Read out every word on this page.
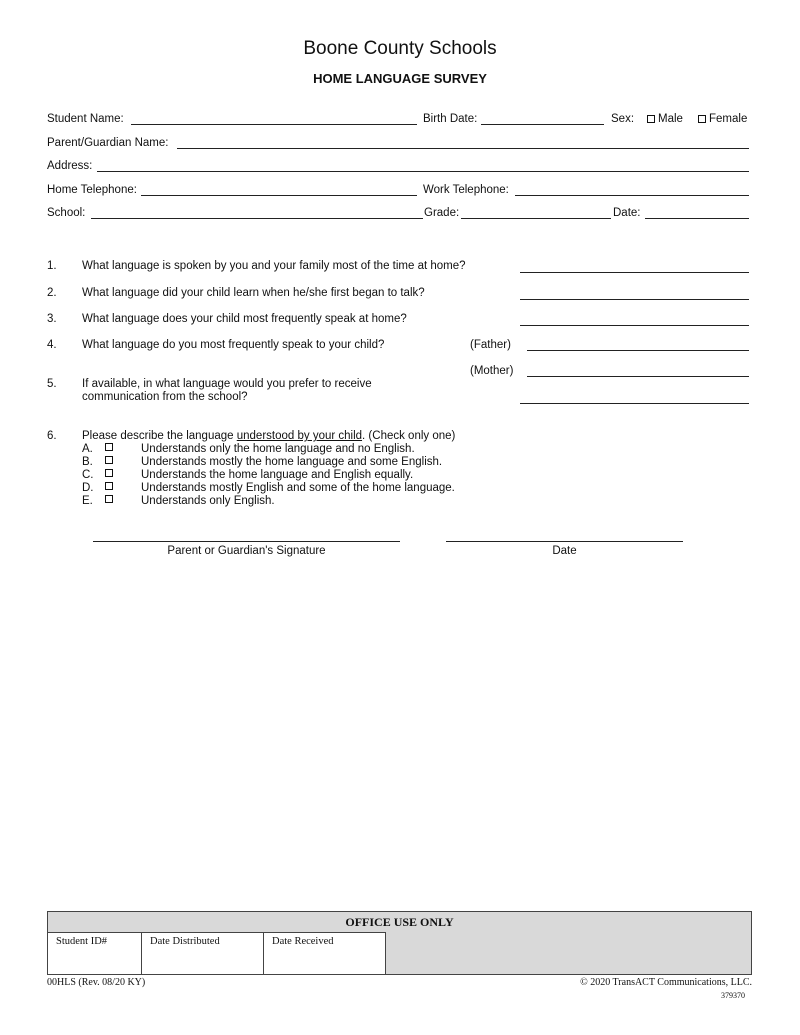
Boone County Schools
HOME LANGUAGE SURVEY
Student Name:	Birth Date:	Sex:	Male	Female
Parent/Guardian Name:
Address:
Home Telephone:	Work Telephone:
School:	Grade:	Date:
1. What language is spoken by you and your family most of the time at home?
2. What language did your child learn when he/she first began to talk?
3. What language does your child most frequently speak at home?
4. What language do you most frequently speak to your child?	(Father)
(Mother)
5. If available, in what language would you prefer to receive
communication from the school?
6. Please describe the language understood by your child. (Check only one)
A.	Understands only the home language and no English.
B.	Understands mostly the home language and some English.
C.	Understands the home language and English equally.
D.	Understands mostly English and some of the home language.
E.	Understands only English.
Parent or Guardian's Signature	Date
OFFICE USE ONLY
Student ID#	Date Distributed	Date Received
00HLS (Rev. 08/20 KY)	© 2020 TransACT Communications, LLC.
379370
